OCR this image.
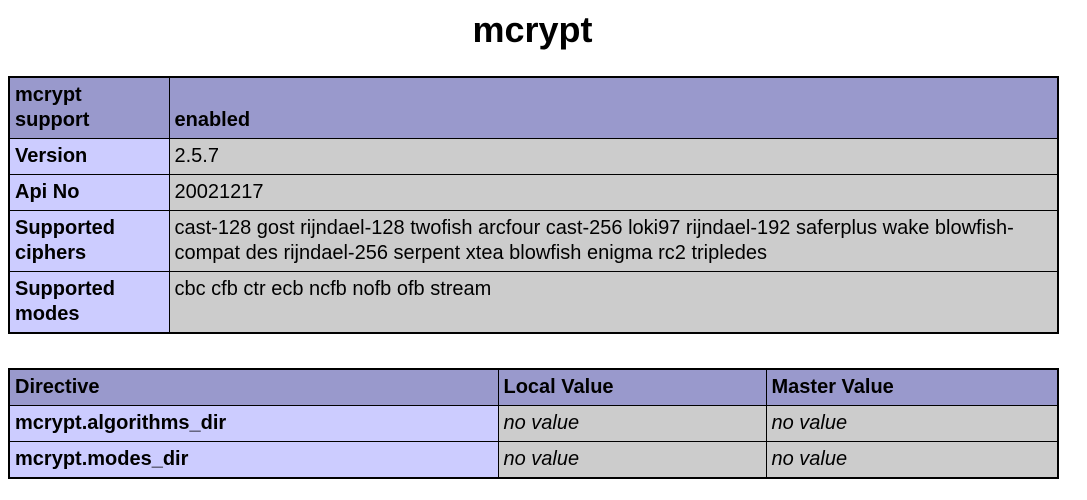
mcrypt
mcrypt support	enabled
Version	2.5.7
Api No	20021217
Supported ciphers	cast-128 gost rijndael-128 twofish arcfour cast-256 loki97 rijndael-192 saferplus wake blowfish-compat des rijndael-256 serpent xtea blowfish enigma rc2 tripledes
Supported modes	cbc cfb ctr ecb ncfb nofb ofb stream
Directive	Local Value	Master Value
mcrypt.algorithms_dir	no value	no value
mcrypt.modes_dir	no value	no value
